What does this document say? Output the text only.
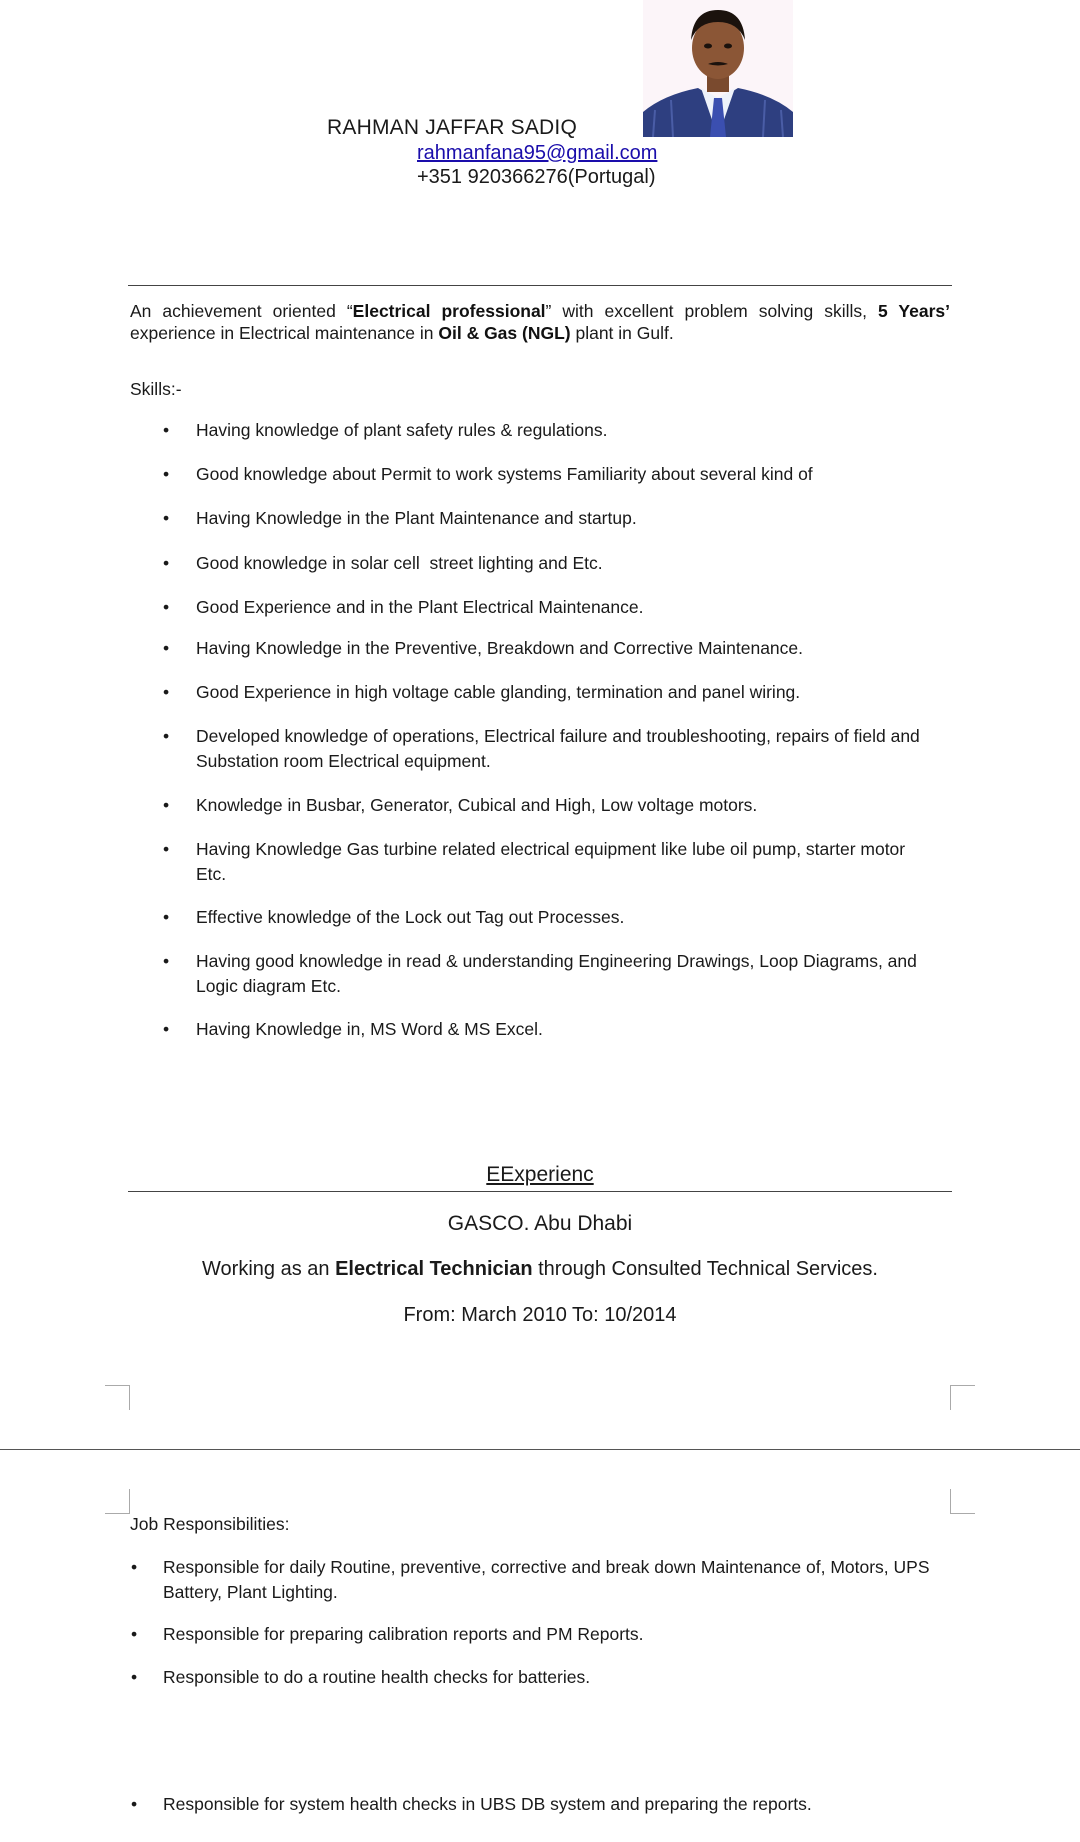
RAHMAN JAFFAR SADIQ
rahmanfana95@gmail.com
+351 920366276(Portugal)
An achievement oriented “Electrical professional” with excellent problem solving skills, 5 Years’ experience in Electrical maintenance in Oil & Gas (NGL) plant in Gulf.
Skills:-
• Having knowledge of plant safety rules & regulations.
• Good knowledge about Permit to work systems Familiarity about several kind of
• Having Knowledge in the Plant Maintenance and startup.
• Good knowledge in solar cell  street lighting and Etc.
• Good Experience and in the Plant Electrical Maintenance.
• Having Knowledge in the Preventive, Breakdown and Corrective Maintenance.
• Good Experience in high voltage cable glanding, termination and panel wiring.
• Developed knowledge of operations, Electrical failure and troubleshooting, repairs of field and
Substation room Electrical equipment.
• Knowledge in Busbar, Generator, Cubical and High, Low voltage motors.
• Having Knowledge Gas turbine related electrical equipment like lube oil pump, starter motor
Etc.
• Effective knowledge of the Lock out Tag out Processes.
• Having good knowledge in read & understanding Engineering Drawings, Loop Diagrams, and
Logic diagram Etc.
• Having Knowledge in, MS Word & MS Excel.
EExperienc
GASCO. Abu Dhabi
Working as an Electrical Technician through Consulted Technical Services.
From: March 2010 To: 10/2014
Job Responsibilities:
• Responsible for daily Routine, preventive, corrective and break down Maintenance of, Motors, UPS
Battery, Plant Lighting.
• Responsible for preparing calibration reports and PM Reports.
• Responsible to do a routine health checks for batteries.
• Responsible for system health checks in UBS DB system and preparing the reports.
